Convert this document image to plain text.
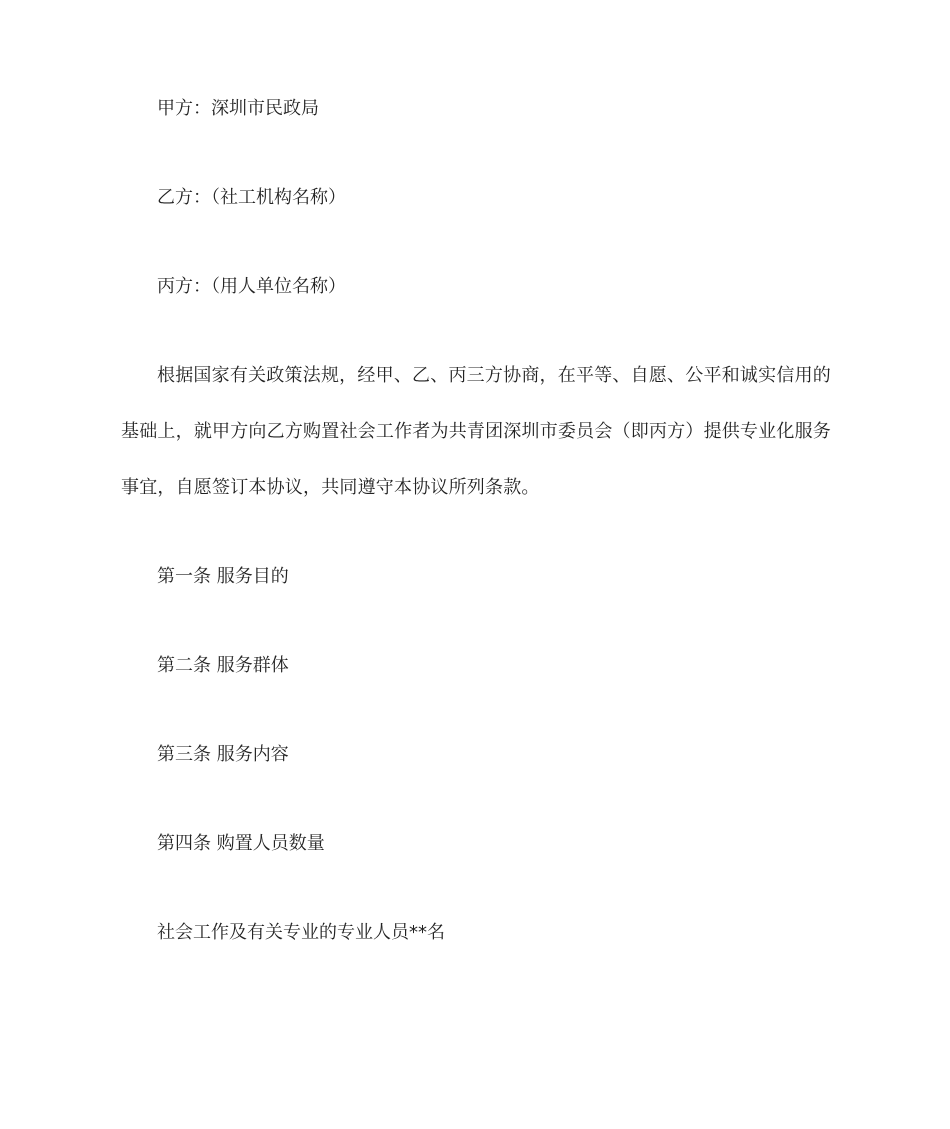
甲方：深圳市民政局
乙方：（社工机构名称）
丙方：（用人单位名称）
根据国家有关政策法规，经甲、乙、丙三方协商，在平等、自愿、公平和诚实信用的基础上，就甲方向乙方购置社会工作者为共青团深圳市委员会（即丙方）提供专业化服务事宜，自愿签订本协议，共同遵守本协议所列条款。
第一条 服务目的
第二条 服务群体
第三条 服务内容
第四条 购置人员数量
社会工作及有关专业的专业人员**名
